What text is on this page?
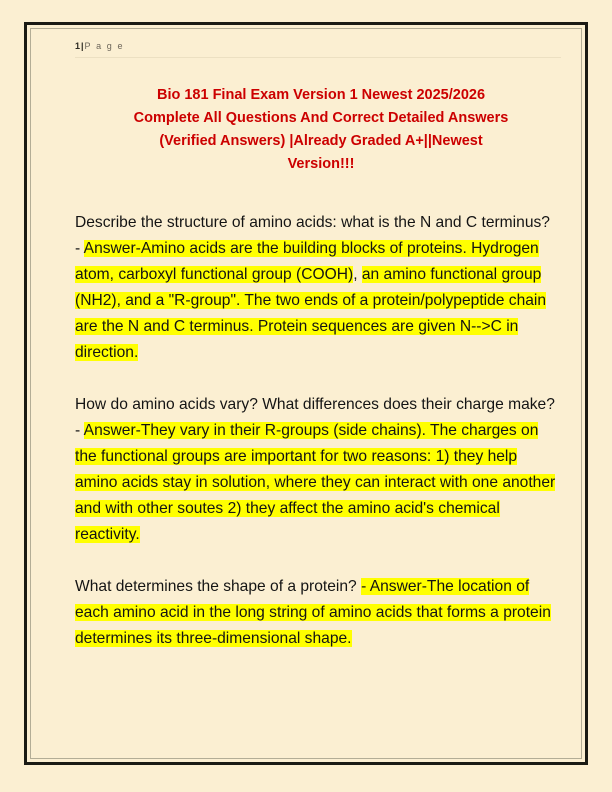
1|P a g e
Bio 181 Final Exam Version 1 Newest 2025/2026
Complete All Questions And Correct Detailed Answers
(Verified Answers) |Already Graded A+||Newest
Version!!!

Describe the structure of amino acids: what is the N and C terminus? - Answer-Amino acids are the building blocks of proteins. Hydrogen atom, carboxyl functional group (COOH), an amino functional group (NH2), and a "R-group". The two ends of a protein/polypeptide chain are the N and C terminus. Protein sequences are given N-->C in direction.

How do amino acids vary? What differences does their charge make? - Answer-They vary in their R-groups (side chains). The charges on the functional groups are important for two reasons: 1) they help amino acids stay in solution, where they can interact with one another and with other soutes 2) they affect the amino acid's chemical reactivity.

What determines the shape of a protein? - Answer-The location of each amino acid in the long string of amino acids that forms a protein determines its three-dimensional shape.
